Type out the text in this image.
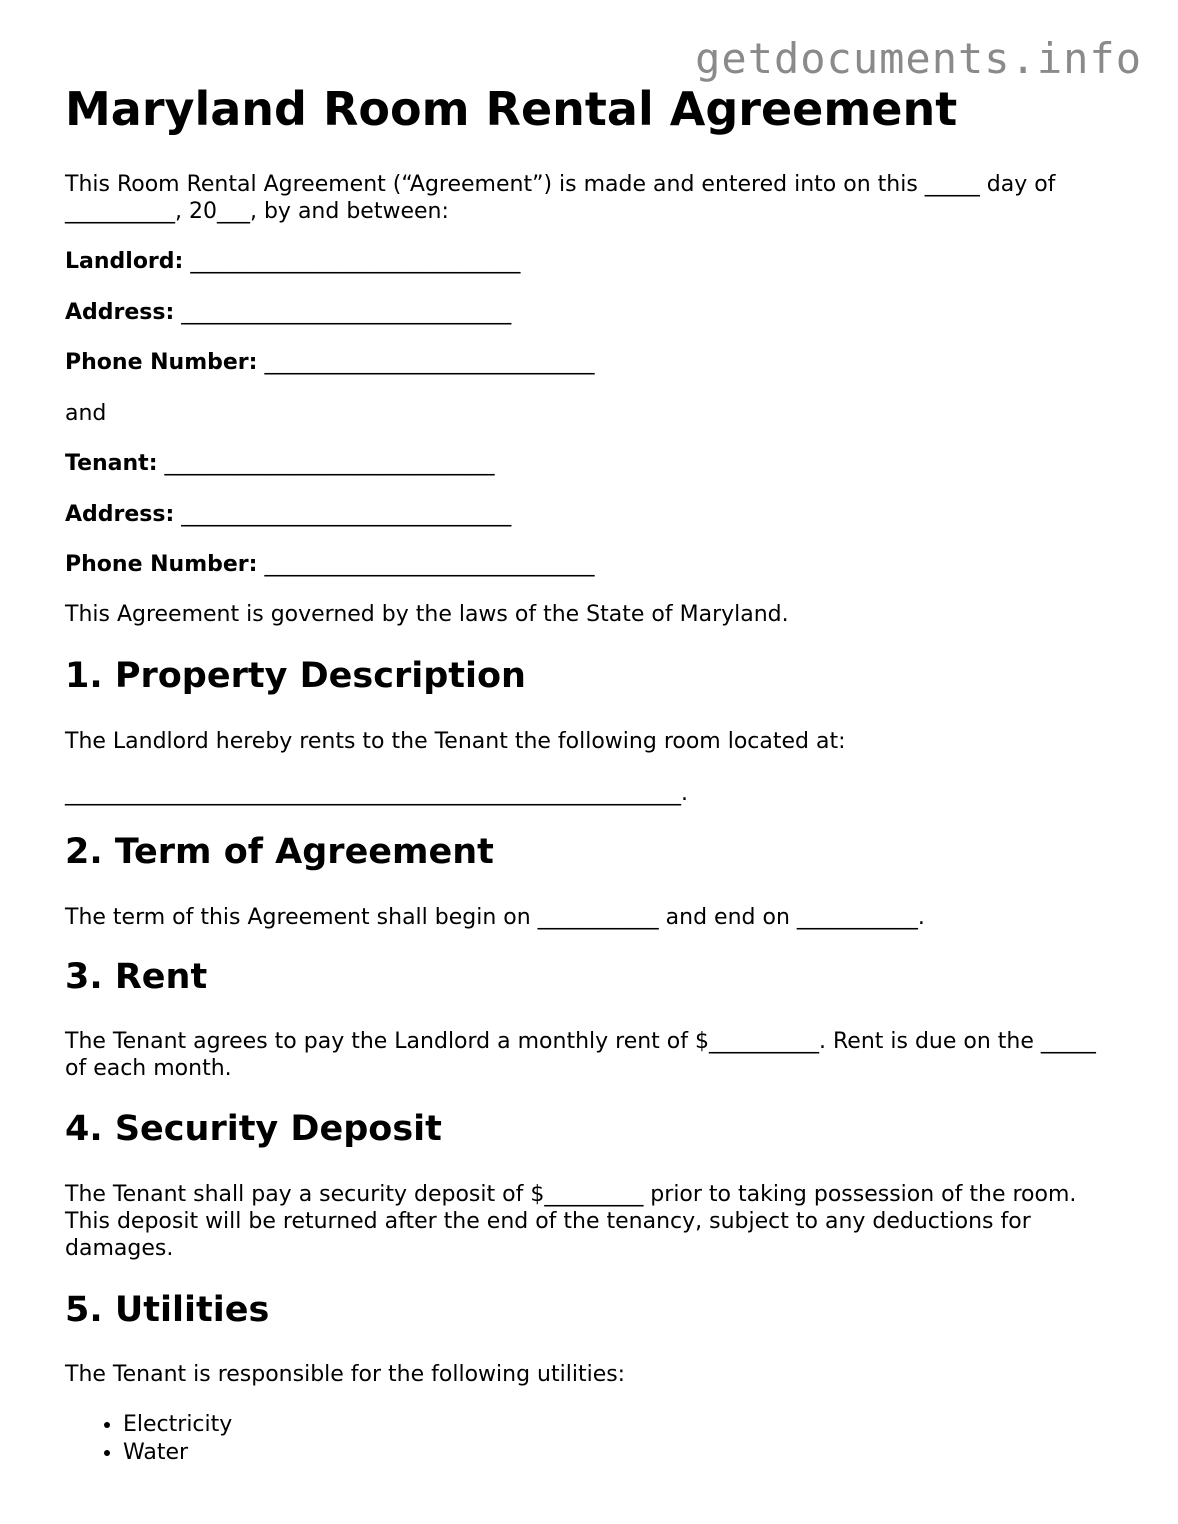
getdocuments.info
Maryland Room Rental Agreement

This Room Rental Agreement (“Agreement”) is made and entered into on this _____ day of __________, 20___, by and between:

Landlord: ______________________________

Address: ______________________________

Phone Number: ______________________________

and

Tenant: ______________________________

Address: ______________________________

Phone Number: ______________________________

This Agreement is governed by the laws of the State of Maryland.

1. Property Description

The Landlord hereby rents to the Tenant the following room located at:

________________________________________________________.

2. Term of Agreement

The term of this Agreement shall begin on ___________ and end on ___________.

3. Rent

The Tenant agrees to pay the Landlord a monthly rent of $__________. Rent is due on the _____ of each month.

4. Security Deposit

The Tenant shall pay a security deposit of $_________ prior to taking possession of the room. This deposit will be returned after the end of the tenancy, subject to any deductions for damages.

5. Utilities

The Tenant is responsible for the following utilities:

• Electricity
• Water
